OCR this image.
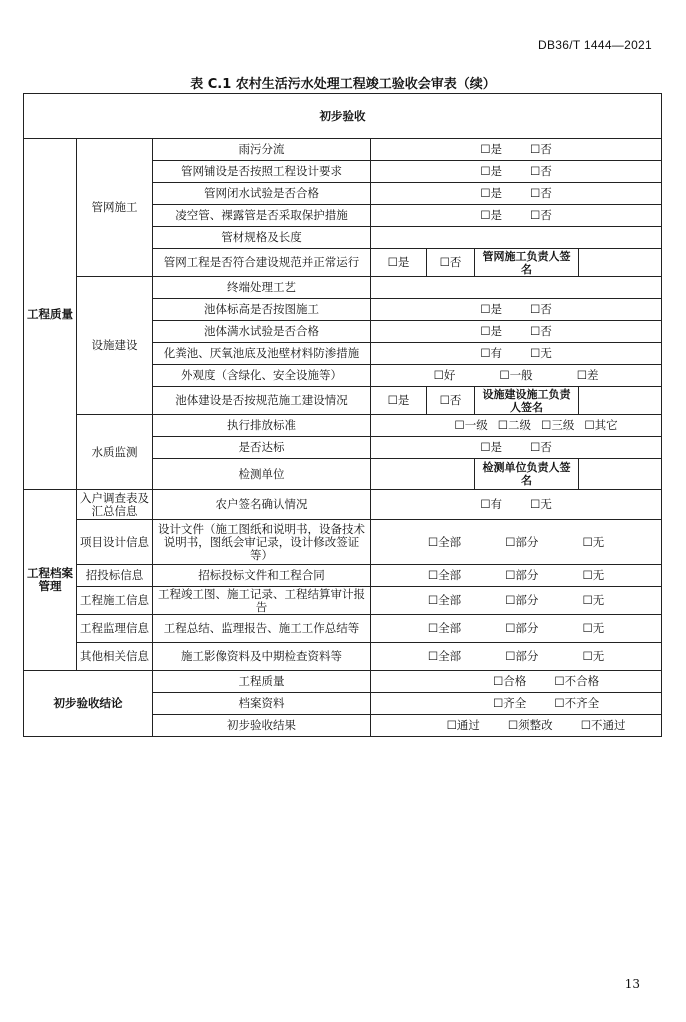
DB36/T 1444—2021
表 C.1 农村生活污水处理工程竣工验收会审表（续）
初步验收						
工程质量	管网施工	雨污分流	☐是 ☐否			

		管网铺设是否按照工程设计要求	☐是 ☐否			

		管网闭水试验是否合格	☐是 ☐否			

		凌空管、裸露管是否采取保护措施	☐是 ☐否			

		管材规格及长度				
		管网工程是否符合建设规范并正常运行	☐是	☐否	管网施工负责人签名	
	设施建设	终端处理工艺				
		池体标高是否按图施工	☐是 ☐否			

		池体满水试验是否合格	☐是 ☐否			

		化粪池、厌氧池底及池壁材料防渗措施	☐有 ☐无			

		外观度（含绿化、安全设施等）	☐好 ☐一般 ☐差			

		池体建设是否按规范施工建设情况	☐是	☐否	设施建设施工负责人签名	
	水质监测	执行排放标准	☐一级 ☐二级 ☐三级 ☐其它			

		是否达标	☐是 ☐否			

		检测单位			检测单位负责人签名	
工程档案管理	入户调查表及汇总信息	农户签名确认情况	☐有 ☐无			

	项目设计信息	设计文件（施工图纸和说明书，设备技术说明书，图纸会审记录，设计修改签证等）	☐全部 ☐部分 ☐无			

	招投标信息	招标投标文件和工程合同	☐全部 ☐部分 ☐无			

	工程施工信息	工程竣工图、施工记录、工程结算审计报告	☐全部 ☐部分 ☐无			

	工程监理信息	工程总结、监理报告、施工工作总结等	☐全部 ☐部分 ☐无			

	其他相关信息	施工影像资料及中期检查资料等	☐全部 ☐部分 ☐无			

初步验收结论		工程质量	☐合格 ☐不合格			

		档案资料	☐齐全 ☐不齐全			

		初步验收结果	☐通过 ☐须整改 ☐不通过			
13
